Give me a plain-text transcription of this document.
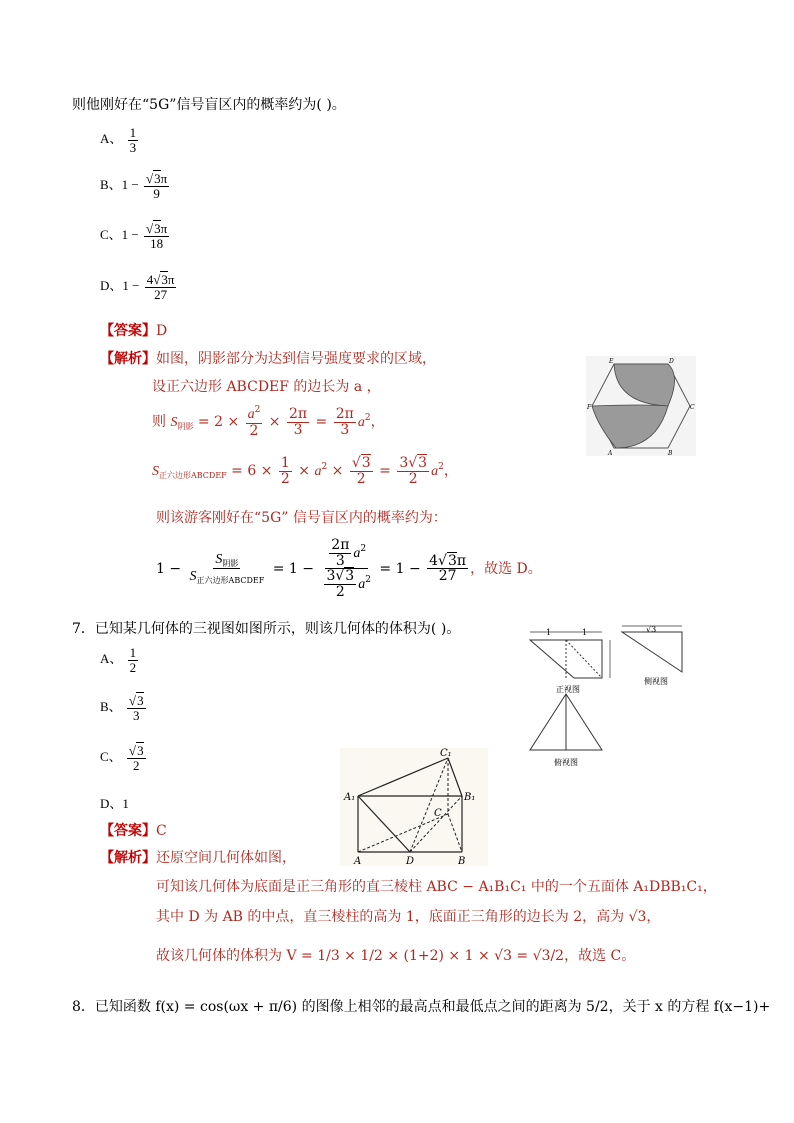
则他刚好在“5G”信号盲区内的概率约为( )。
A、 $\frac{1}{3}$
B、$1 - \frac{√3\pi}{9}$
C、$1 - \frac{√3\pi}{18}$
D、$1 - \frac{4√3\pi}{27}$
【答案】D
【解析】如图，阴影部分为达到信号强度要求的区域，
设正六边形 ABCDEF 的边长为 a ，
则 $S_{阴影} = 2 \times \frac{a^2}{2} \times \frac{2\pi}{3} = \frac{2\pi}{3} a^2$，
$S_{正六边形ABCDEF} = 6 \times \frac{1}{2} \times a^2 \times \frac{√3}{2} = \frac{3√3}{2} a^2$，
则该游客刚好在“5G” 信号盲区内的概率约为：
$1 - \frac{S_{阴影}}{S_{正六边形ABCDEF}} = 1 - \frac{\frac{2\pi}{3} a^2}{\frac{3√3}{2} a^2} = 1 - \frac{4√3\pi}{27}$ ，故选 D。
E	D
F	C
A	B
7．已知某几何体的三视图如图所示，则该几何体的体积为( )。
A、 $\frac{1}{2}$
B、 $\frac{√3}{3}$
C、 $\frac{√3}{2}$
D、1
【答案】C
【解析】还原空间几何体如图，
可知该几何体为底面是正三角形的直三棱柱 ABC − A₁B₁C₁ 中的一个五面体 A₁DBB₁C₁，
其中 D 为 AB 的中点，直三棱柱的高为 1，底面正三角形的边长为 2，高为 √3，
故该几何体的体积为 V = 1/3 × 1/2 × (1+2) × 1 × √3 = √3/2，故选 C。
1	1
正视图
√3
侧视图
俯视图
C₁
A₁	B₁
C
A	D	B
8．已知函数 f(x) = cos(ωx + π/6) 的图像上相邻的最高点和最低点之间的距离为 5/2，关于 x 的方程 f(x−1)+
